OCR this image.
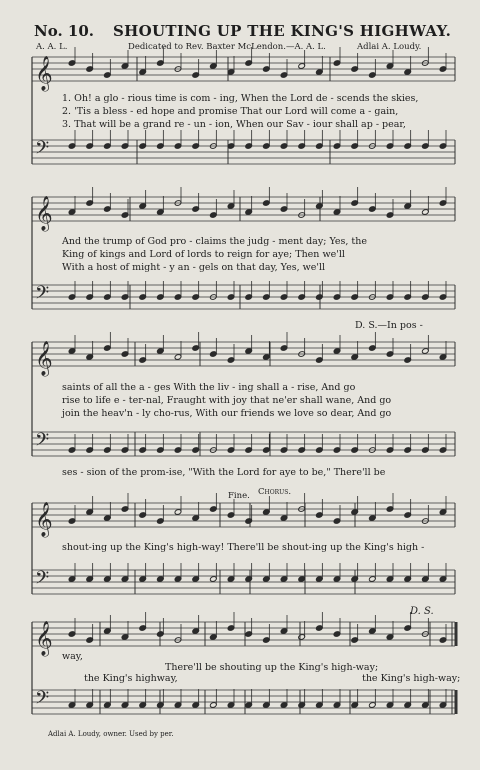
No. 10. SHOUTING UP THE KING'S HIGHWAY.
A. A. L.	Dedicated to Rev. Baxter McLendon.—A. A. L.	Adlai A. Loudy.
𝄞
𝄢
𝄞
𝄢
𝄞
𝄢
𝄞
𝄢
𝄞
𝄢
1. Oh! a glo - rious time is com - ing, When the Lord de - scends the skies,
2. 'Tis a bless - ed hope and promise That our Lord will come a - gain,
3. That will be a grand re - un - ion, When our Sav - iour shall ap - pear,
And the trump of God pro - claims the judg - ment day; Yes, the
King of kings and Lord of lords to reign for aye; Then we'll
With a host of might - y an - gels on that day, Yes, we'll
D. S.—In pos -
saints of all the a - ges With the liv - ing shall a - rise, And go
rise to life e - ter-nal, Fraught with joy that ne'er shall wane, And go
join the heav'n - ly cho-rus, With our friends we love so dear, And go
ses - sion of the prom-ise, "With the Lord for aye to be," There'll be
Fine. Chorus.
shout-ing up the King's high-way! There'll be shout-ing up the King's high -
D. S.
way,
There'll be shouting up the King's high-way;
the King's highway,	the King's high-way;
Adlai A. Loudy, owner. Used by per.
